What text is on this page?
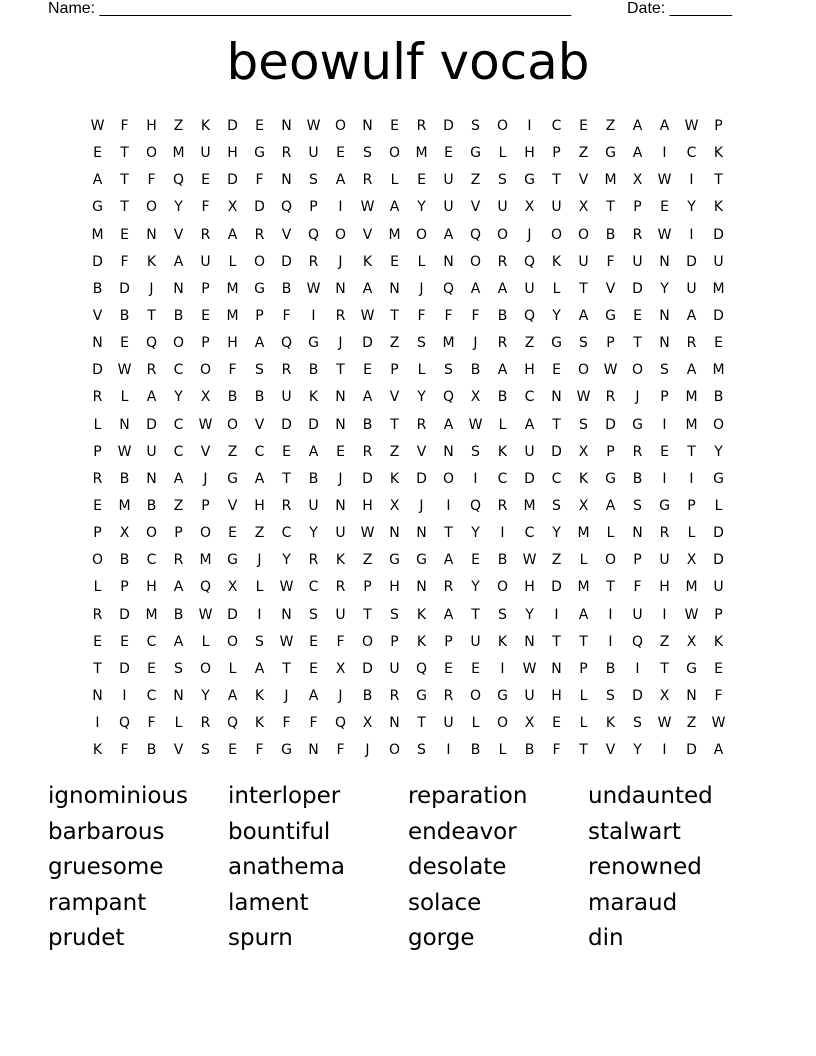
Name: _____________________________________________________	Date: _______
beowulf vocab
W	F	H	Z	K	D	E	N	W	O	N	E	R	D	S	O	I	C	E	Z	A	A	W	P
E	T	O	M	U	H	G	R	U	E	S	O	M	E	G	L	H	P	Z	G	A	I	C	K
A	T	F	Q	E	D	F	N	S	A	R	L	E	U	Z	S	G	T	V	M	X	W	I	T
G	T	O	Y	F	X	D	Q	P	I	W	A	Y	U	V	U	X	U	X	T	P	E	Y	K
M	E	N	V	R	A	R	V	Q	O	V	M	O	A	Q	O	J	O	O	B	R	W	I	D
D	F	K	A	U	L	O	D	R	J	K	E	L	N	O	R	Q	K	U	F	U	N	D	U
B	D	J	N	P	M	G	B	W	N	A	N	J	Q	A	A	U	L	T	V	D	Y	U	M
V	B	T	B	E	M	P	F	I	R	W	T	F	F	F	B	Q	Y	A	G	E	N	A	D
N	E	Q	O	P	H	A	Q	G	J	D	Z	S	M	J	R	Z	G	S	P	T	N	R	E
D	W	R	C	O	F	S	R	B	T	E	P	L	S	B	A	H	E	O	W	O	S	A	M
R	L	A	Y	X	B	B	U	K	N	A	V	Y	Q	X	B	C	N	W	R	J	P	M	B
L	N	D	C	W	O	V	D	D	N	B	T	R	A	W	L	A	T	S	D	G	I	M	O
P	W	U	C	V	Z	C	E	A	E	R	Z	V	N	S	K	U	D	X	P	R	E	T	Y
R	B	N	A	J	G	A	T	B	J	D	K	D	O	I	C	D	C	K	G	B	I	I	G
E	M	B	Z	P	V	H	R	U	N	H	X	J	I	Q	R	M	S	X	A	S	G	P	L
P	X	O	P	O	E	Z	C	Y	U	W	N	N	T	Y	I	C	Y	M	L	N	R	L	D
O	B	C	R	M	G	J	Y	R	K	Z	G	G	A	E	B	W	Z	L	O	P	U	X	D
L	P	H	A	Q	X	L	W	C	R	P	H	N	R	Y	O	H	D	M	T	F	H	M	U
R	D	M	B	W	D	I	N	S	U	T	S	K	A	T	S	Y	I	A	I	U	I	W	P
E	E	C	A	L	O	S	W	E	F	O	P	K	P	U	K	N	T	T	I	Q	Z	X	K
T	D	E	S	O	L	A	T	E	X	D	U	Q	E	E	I	W	N	P	B	I	T	G	E
N	I	C	N	Y	A	K	J	A	J	B	R	G	R	O	G	U	H	L	S	D	X	N	F
I	Q	F	L	R	Q	K	F	F	Q	X	N	T	U	L	O	X	E	L	K	S	W	Z	W
K	F	B	V	S	E	F	G	N	F	J	O	S	I	B	L	B	F	T	V	Y	I	D	A
ignominious	interloper	reparation	undaunted
barbarous	bountiful	endeavor	stalwart
gruesome	anathema	desolate	renowned
rampant	lament	solace	maraud
prudet	spurn	gorge	din
